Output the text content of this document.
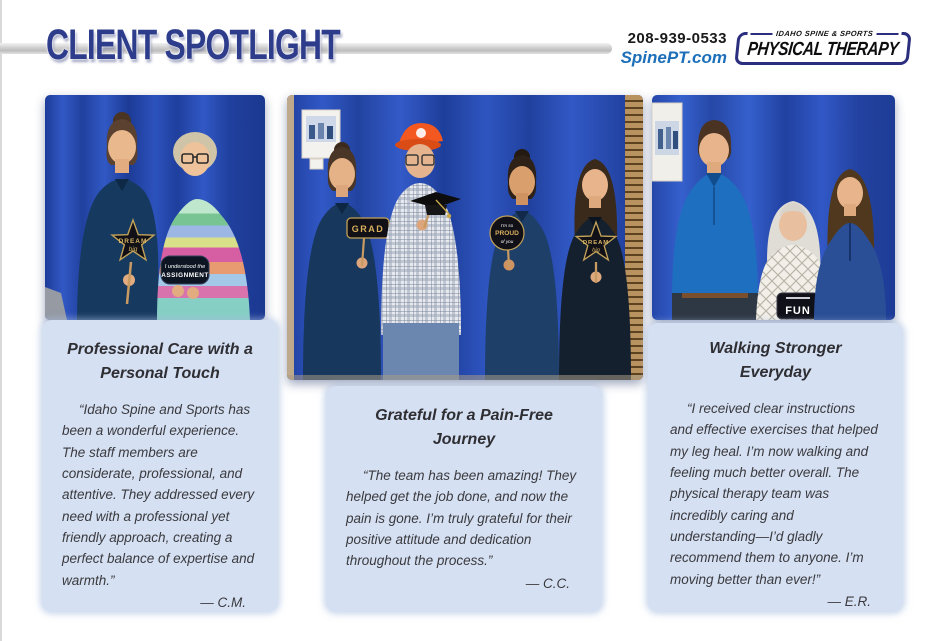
CLIENT SPOTLIGHT	208-939-0533
SpinePT.com
IDAHO SPINE & SPORTS
PHYSICAL THERAPY
DREAM
big
I understood the
ASSIGNMENT
GRAD	I’m so
PROUD
of you	DREAM
big
FUN
Professional Care with a Personal Touch

“Idaho Spine and Sports has been a wonderful experience. The staff members are considerate, professional, and attentive. They addressed every need with a professional yet friendly approach, creating a perfect balance of expertise and warmth.”

— C.M.

Grateful for a Pain-Free Journey

“The team has been amazing! They helped get the job done, and now the pain is gone. I’m truly grateful for their positive attitude and dedication throughout the process.”

— C.C.

Walking Stronger Everyday

“I received clear instructions and effective exercises that helped my leg heal. I’m now walking and feeling much better overall. The physical therapy team was incredibly caring and understanding—I’d gladly recommend them to anyone. I’m moving better than ever!”

— E.R.
